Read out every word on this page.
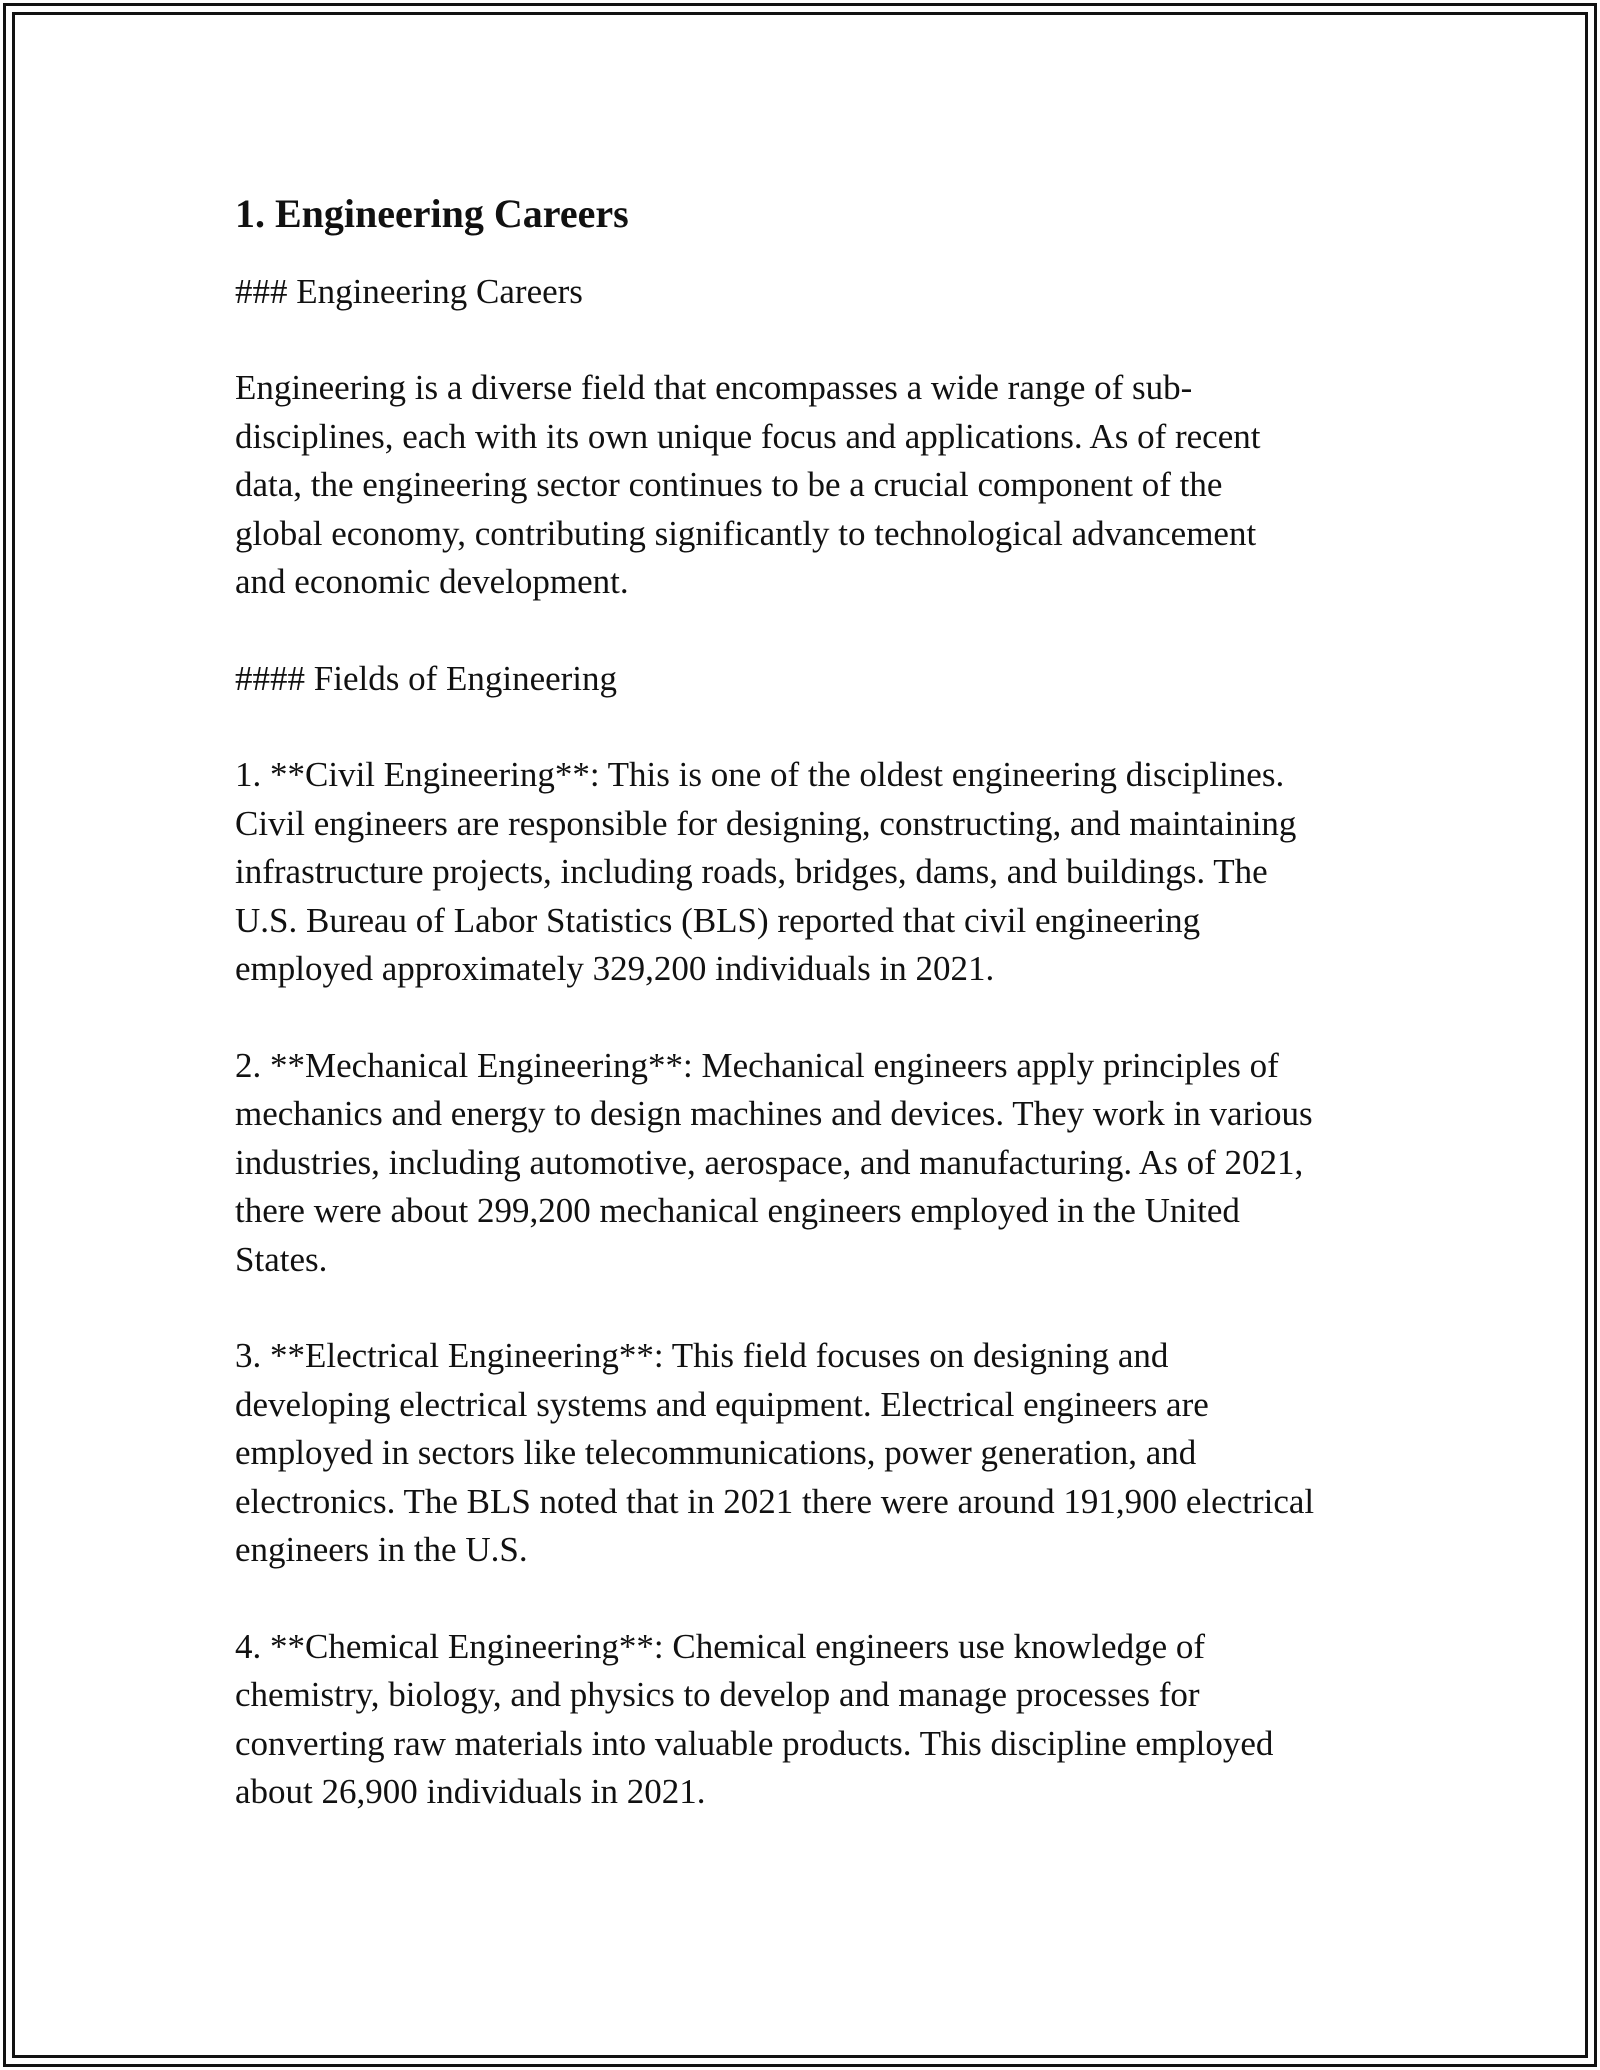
1. Engineering Careers

### Engineering Careers

Engineering is a diverse field that encompasses a wide range of sub-
disciplines, each with its own unique focus and applications. As of recent
data, the engineering sector continues to be a crucial component of the
global economy, contributing significantly to technological advancement
and economic development.

#### Fields of Engineering

1. **Civil Engineering**: This is one of the oldest engineering disciplines.
Civil engineers are responsible for designing, constructing, and maintaining
infrastructure projects, including roads, bridges, dams, and buildings. The
U.S. Bureau of Labor Statistics (BLS) reported that civil engineering
employed approximately 329,200 individuals in 2021.

2. **Mechanical Engineering**: Mechanical engineers apply principles of
mechanics and energy to design machines and devices. They work in various
industries, including automotive, aerospace, and manufacturing. As of 2021,
there were about 299,200 mechanical engineers employed in the United
States.

3. **Electrical Engineering**: This field focuses on designing and
developing electrical systems and equipment. Electrical engineers are
employed in sectors like telecommunications, power generation, and
electronics. The BLS noted that in 2021 there were around 191,900 electrical
engineers in the U.S.

4. **Chemical Engineering**: Chemical engineers use knowledge of
chemistry, biology, and physics to develop and manage processes for
converting raw materials into valuable products. This discipline employed
about 26,900 individuals in 2021.
